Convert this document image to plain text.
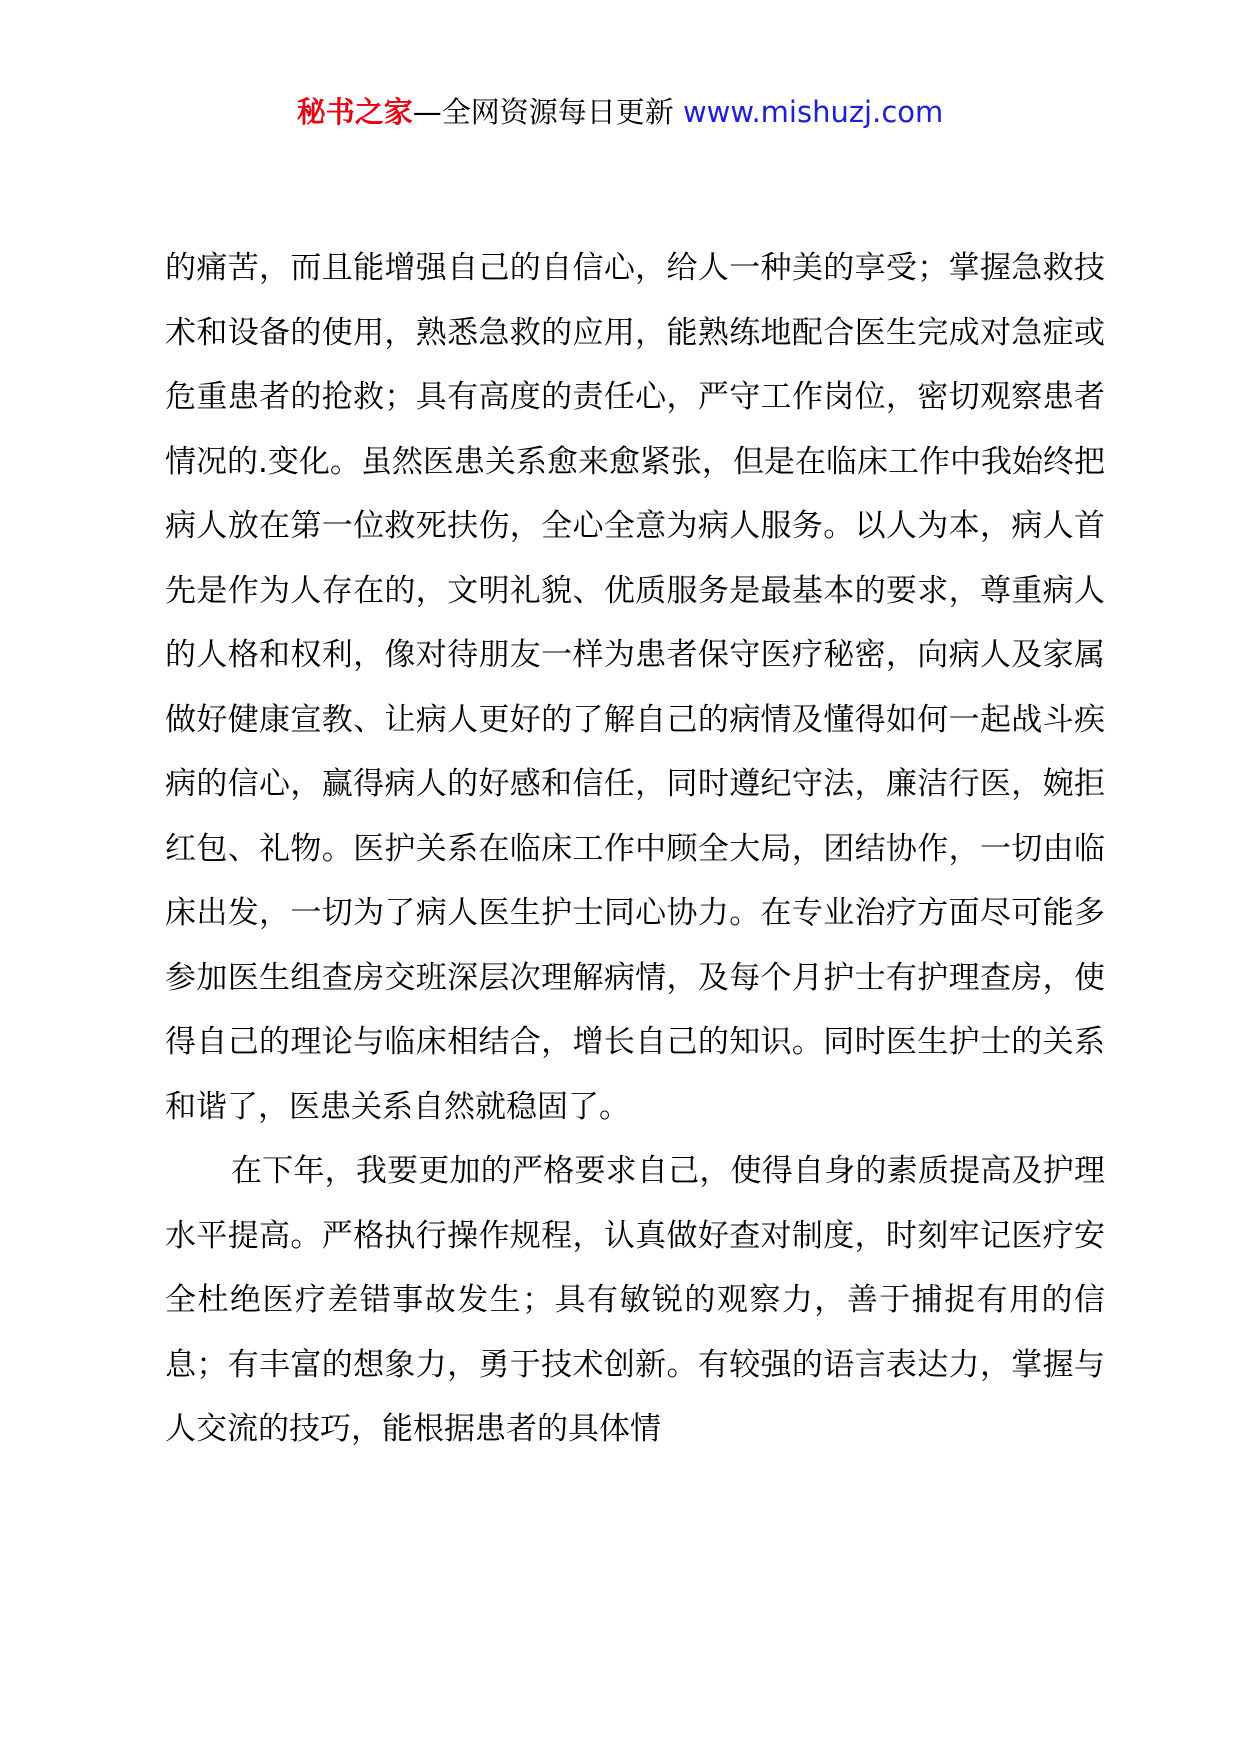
秘书之家—全网资源每日更新 www.mishuzj.com

的痛苦，而且能增强自己的自信心，给人一种美的享受；掌握急救技术和设备的使用，熟悉急救的应用，能熟练地配合医生完成对急症或危重患者的抢救；具有高度的责任心，严守工作岗位，密切观察患者情况的.变化。虽然医患关系愈来愈紧张，但是在临床工作中我始终把病人放在第一位救死扶伤，全心全意为病人服务。以人为本，病人首先是作为人存在的，文明礼貌、优质服务是最基本的要求，尊重病人的人格和权利，像对待朋友一样为患者保守医疗秘密，向病人及家属做好健康宣教、让病人更好的了解自己的病情及懂得如何一起战斗疾病的信心，赢得病人的好感和信任，同时遵纪守法，廉洁行医，婉拒红包、礼物。医护关系在临床工作中顾全大局，团结协作，一切由临床出发，一切为了病人医生护士同心协力。在专业治疗方面尽可能多参加医生组查房交班深层次理解病情，及每个月护士有护理查房，使得自己的理论与临床相结合，增长自己的知识。同时医生护士的关系和谐了，医患关系自然就稳固了。

在下年，我要更加的严格要求自己，使得自身的素质提高及护理水平提高。严格执行操作规程，认真做好查对制度，时刻牢记医疗安全杜绝医疗差错事故发生；具有敏锐的观察力，善于捕捉有用的信息；有丰富的想象力，勇于技术创新。有较强的语言表达力，掌握与人交流的技巧，能根据患者的具体情
